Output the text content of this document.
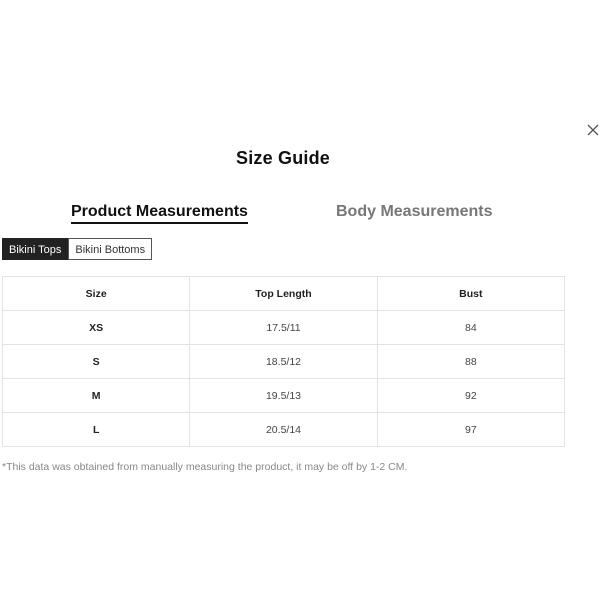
Size Guide
Product Measurements	Body Measurements
Bikini Tops	Bikini Bottoms
Size	Top Length	Bust
XS	17.5/11	84
S	18.5/12	88
M	19.5/13	92
L	20.5/14	97
*This data was obtained from manually measuring the product, it may be off by 1-2 CM.
